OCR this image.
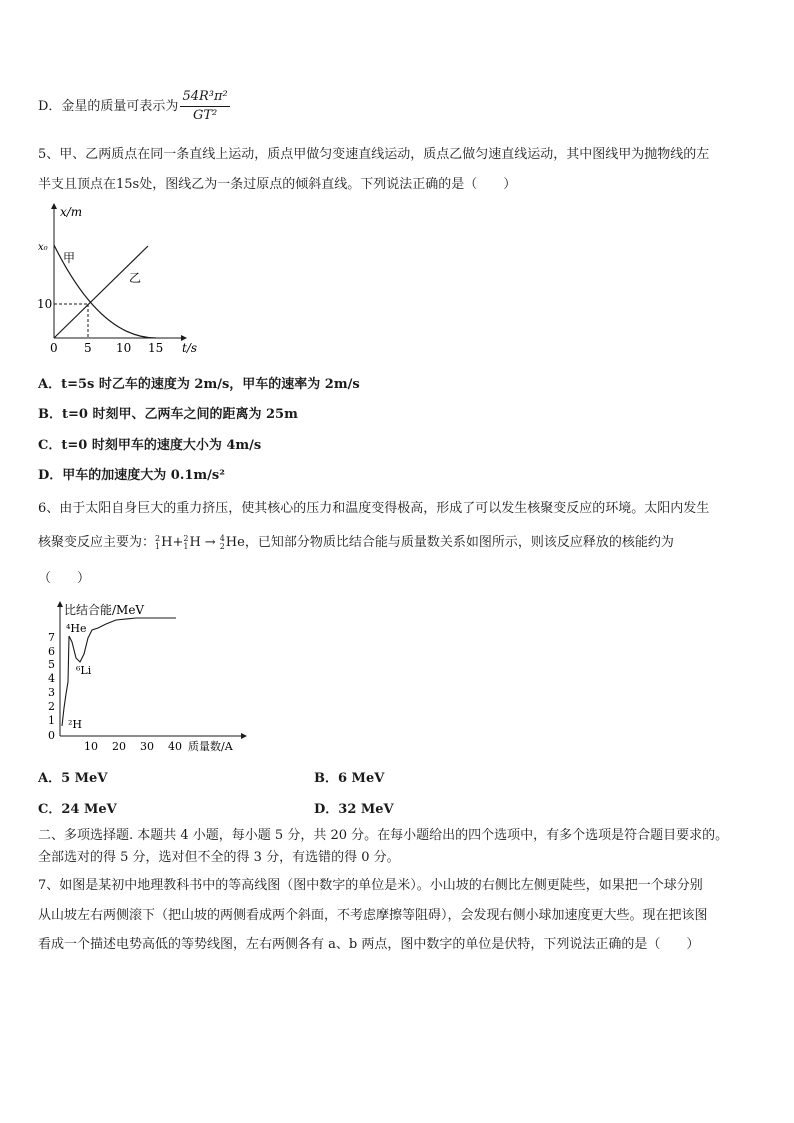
D．金星的质量可表示为 $\frac{\text{54R³π²}}{\text{GT²}}$
5、甲、乙两质点在同一条直线上运动，质点甲做匀变速直线运动，质点乙做匀速直线运动，其中图线甲为抛物线的左
半支且顶点在15s处，图线乙为一条过原点的倾斜直线。下列说法正确的是（　　）
x/m
x₀
甲
乙
10
0 5 10 15 t/s
A．t=5s 时乙车的速度为 2m/s，甲车的速率为 2m/s
B．t=0 时刻甲、乙两车之间的距离为 25m
C．t=0 时刻甲车的速度大小为 4m/s
D．甲车的加速度大为 0.1m/s²
6、由于太阳自身巨大的重力挤压，使其核心的压力和温度变得极高，形成了可以发生核聚变反应的环境。太阳内发生
核聚变反应主要为： 2
1 H+ 2
1 H → 4
2 He ，已知部分物质比结合能与质量数关系如图所示，则该反应释放的核能约为
（　　）
比结合能/MeV
7
6
5
4
3
2
1
0
⁴He
⁶Li
²H
10 20 30 40 质量数/A
A．5 MeV	B．6 MeV
C．24 MeV	D．32 MeV
二、多项选择题. 本题共 4 小题，每小题 5 分，共 20 分。在每小题给出的四个选项中，有多个选项是符合题目要求的。
全部选对的得 5 分，选对但不全的得 3 分，有选错的得 0 分。
7、如图是某初中地理教科书中的等高线图（图中数字的单位是米）。小山坡的右侧比左侧更陡些，如果把一个球分别
从山坡左右两侧滚下（把山坡的两侧看成两个斜面，不考虑摩擦等阻碍），会发现右侧小球加速度更大些。现在把该图
看成一个描述电势高低的等势线图，左右两侧各有 a、b 两点，图中数字的单位是伏特，下列说法正确的是（　　）
